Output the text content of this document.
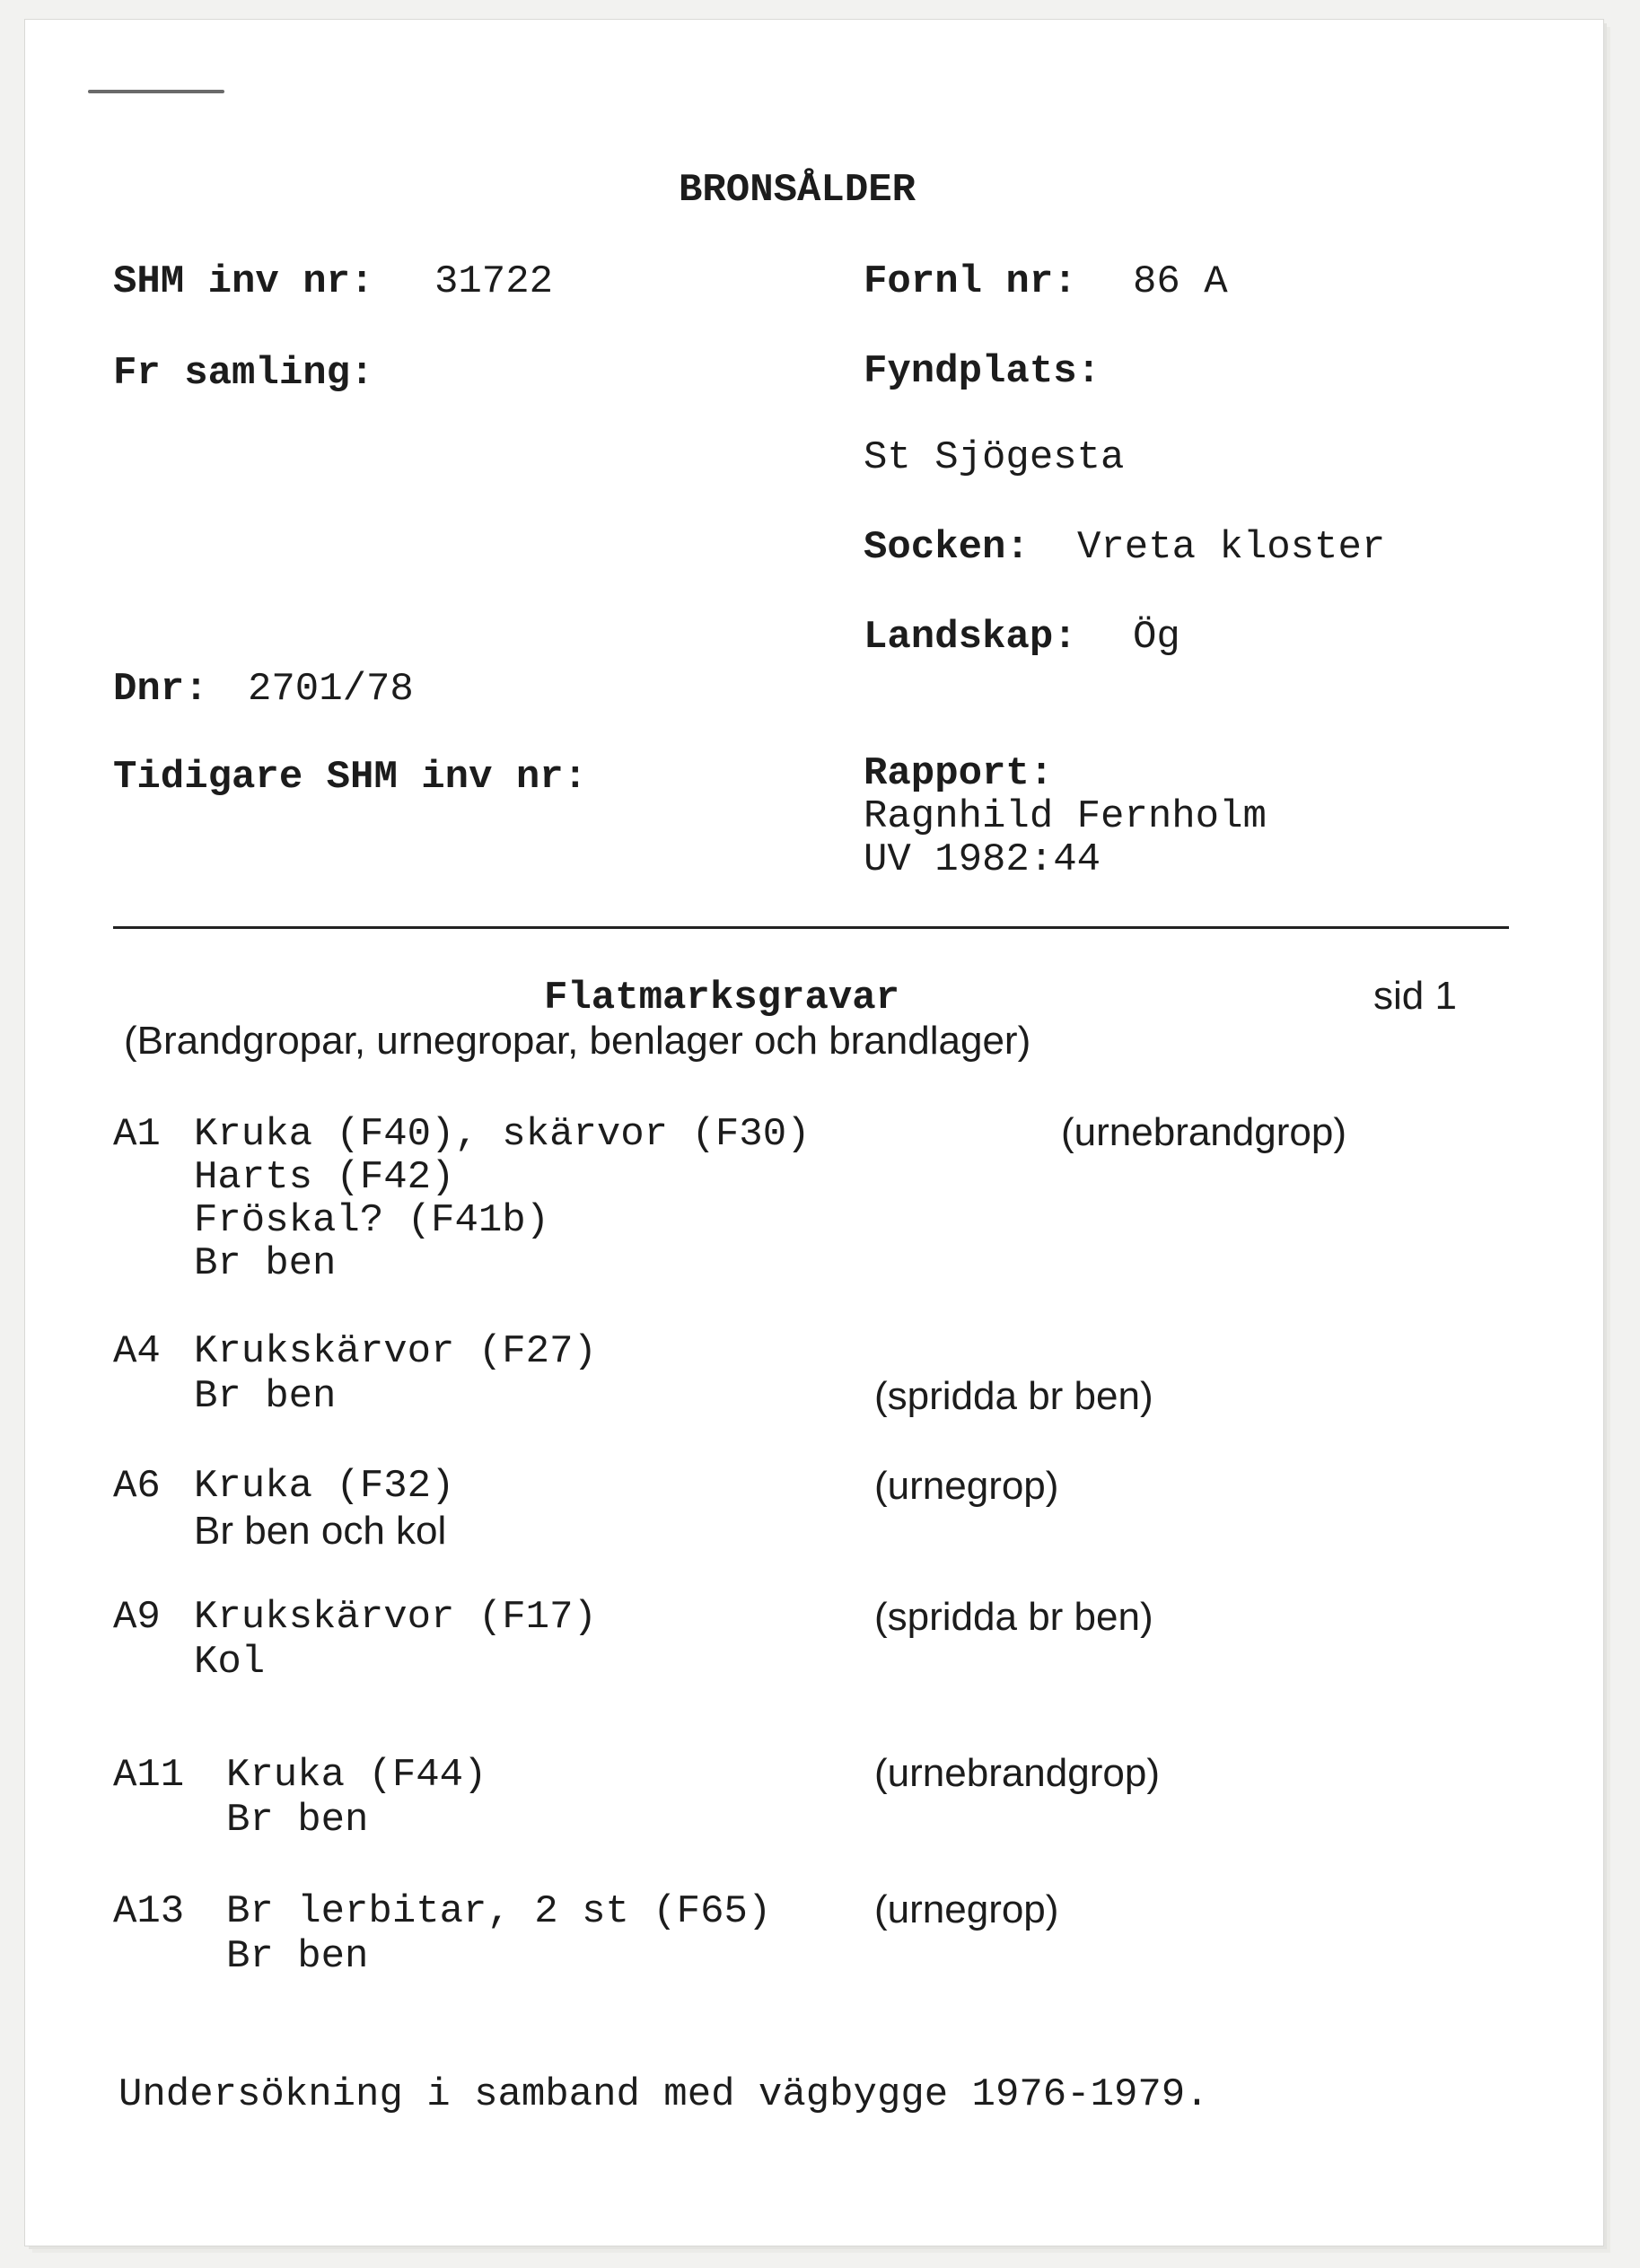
BRONSÅLDER
SHM inv nr: 31722
Fr samling:
Dnr: 2701/78
Tidigare SHM inv nr:
Fornl nr: 86 A
Fyndplats:
St Sjögesta
Socken: Vreta kloster
Landskap: Ög
Rapport:
Ragnhild Fernholm
UV 1982:44
Flatmarksgravar	sid 1
(Brandgropar, urnegropar, benlager och brandlager)
A1 Kruka (F40), skärvor (F30)
Harts (F42)
Fröskal? (F41b)
Br ben
(urnebrandgrop)
A4 Krukskärvor (F27)
Br ben	(spridda br ben)
A6 Kruka (F32)
Br ben och kol
(urnegrop)
A9 Krukskärvor (F17)
Kol
(spridda br ben)
A11 Kruka (F44)
Br ben
(urnebrandgrop)
A13 Br lerbitar, 2 st (F65)
Br ben
(urnegrop)
Undersökning i samband med vägbygge 1976-1979.
